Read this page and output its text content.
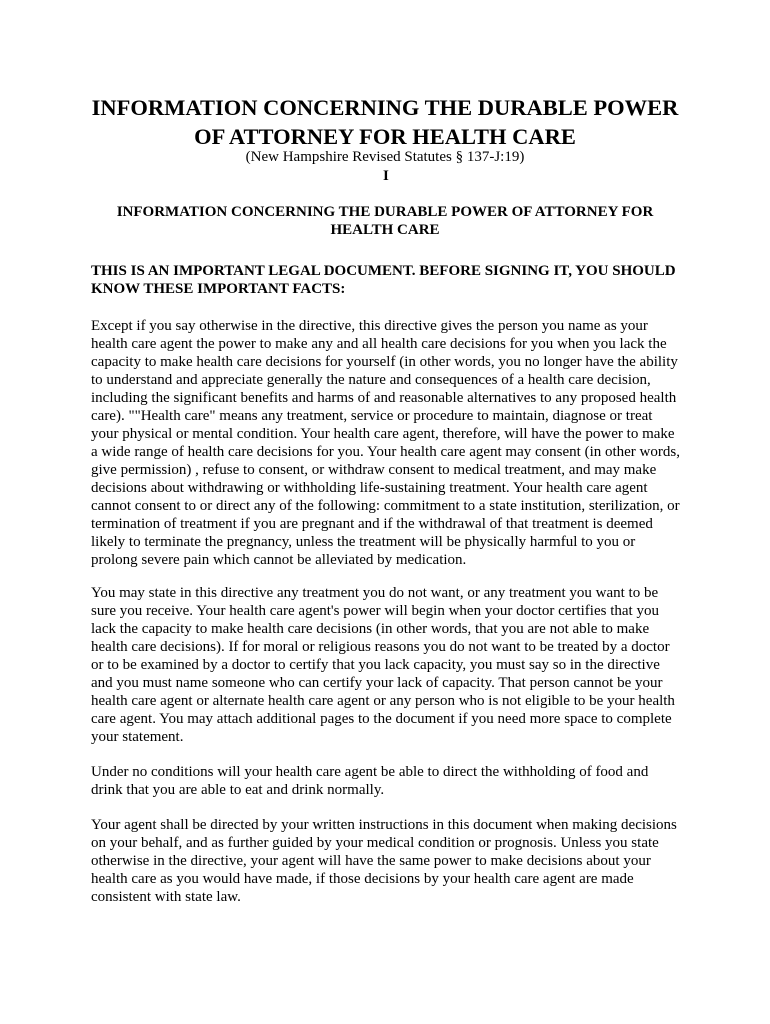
INFORMATION CONCERNING THE DURABLE POWER OF ATTORNEY FOR HEALTH CARE
(New Hampshire Revised Statutes § 137-J:19)
I
INFORMATION CONCERNING THE DURABLE POWER OF ATTORNEY FOR HEALTH CARE
THIS IS AN IMPORTANT LEGAL DOCUMENT. BEFORE SIGNING IT, YOU SHOULD KNOW THESE IMPORTANT FACTS:

Except if you say otherwise in the directive, this directive gives the person you name as your health care agent the power to make any and all health care decisions for you when you lack the capacity to make health care decisions for yourself (in other words, you no longer have the ability to understand and appreciate generally the nature and consequences of a health care decision, including the significant benefits and harms of and reasonable alternatives to any proposed health care). ""Health care" means any treatment, service or procedure to maintain, diagnose or treat your physical or mental condition. Your health care agent, therefore, will have the power to make a wide range of health care decisions for you. Your health care agent may consent (in other words, give permission) , refuse to consent, or withdraw consent to medical treatment, and may make decisions about withdrawing or withholding life-sustaining treatment. Your health care agent cannot consent to or direct any of the following: commitment to a state institution, sterilization, or termination of treatment if you are pregnant and if the withdrawal of that treatment is deemed likely to terminate the pregnancy, unless the treatment will be physically harmful to you or prolong severe pain which cannot be alleviated by medication.

You may state in this directive any treatment you do not want, or any treatment you want to be sure you receive. Your health care agent's power will begin when your doctor certifies that you lack the capacity to make health care decisions (in other words, that you are not able to make health care decisions). If for moral or religious reasons you do not want to be treated by a doctor or to be examined by a doctor to certify that you lack capacity, you must say so in the directive and you must name someone who can certify your lack of capacity. That person cannot be your health care agent or alternate health care agent or any person who is not eligible to be your health care agent. You may attach additional pages to the document if you need more space to complete your statement.

Under no conditions will your health care agent be able to direct the withholding of food and drink that you are able to eat and drink normally.

Your agent shall be directed by your written instructions in this document when making decisions on your behalf, and as further guided by your medical condition or prognosis. Unless you state otherwise in the directive, your agent will have the same power to make decisions about your health care as you would have made, if those decisions by your health care agent are made consistent with state law.
